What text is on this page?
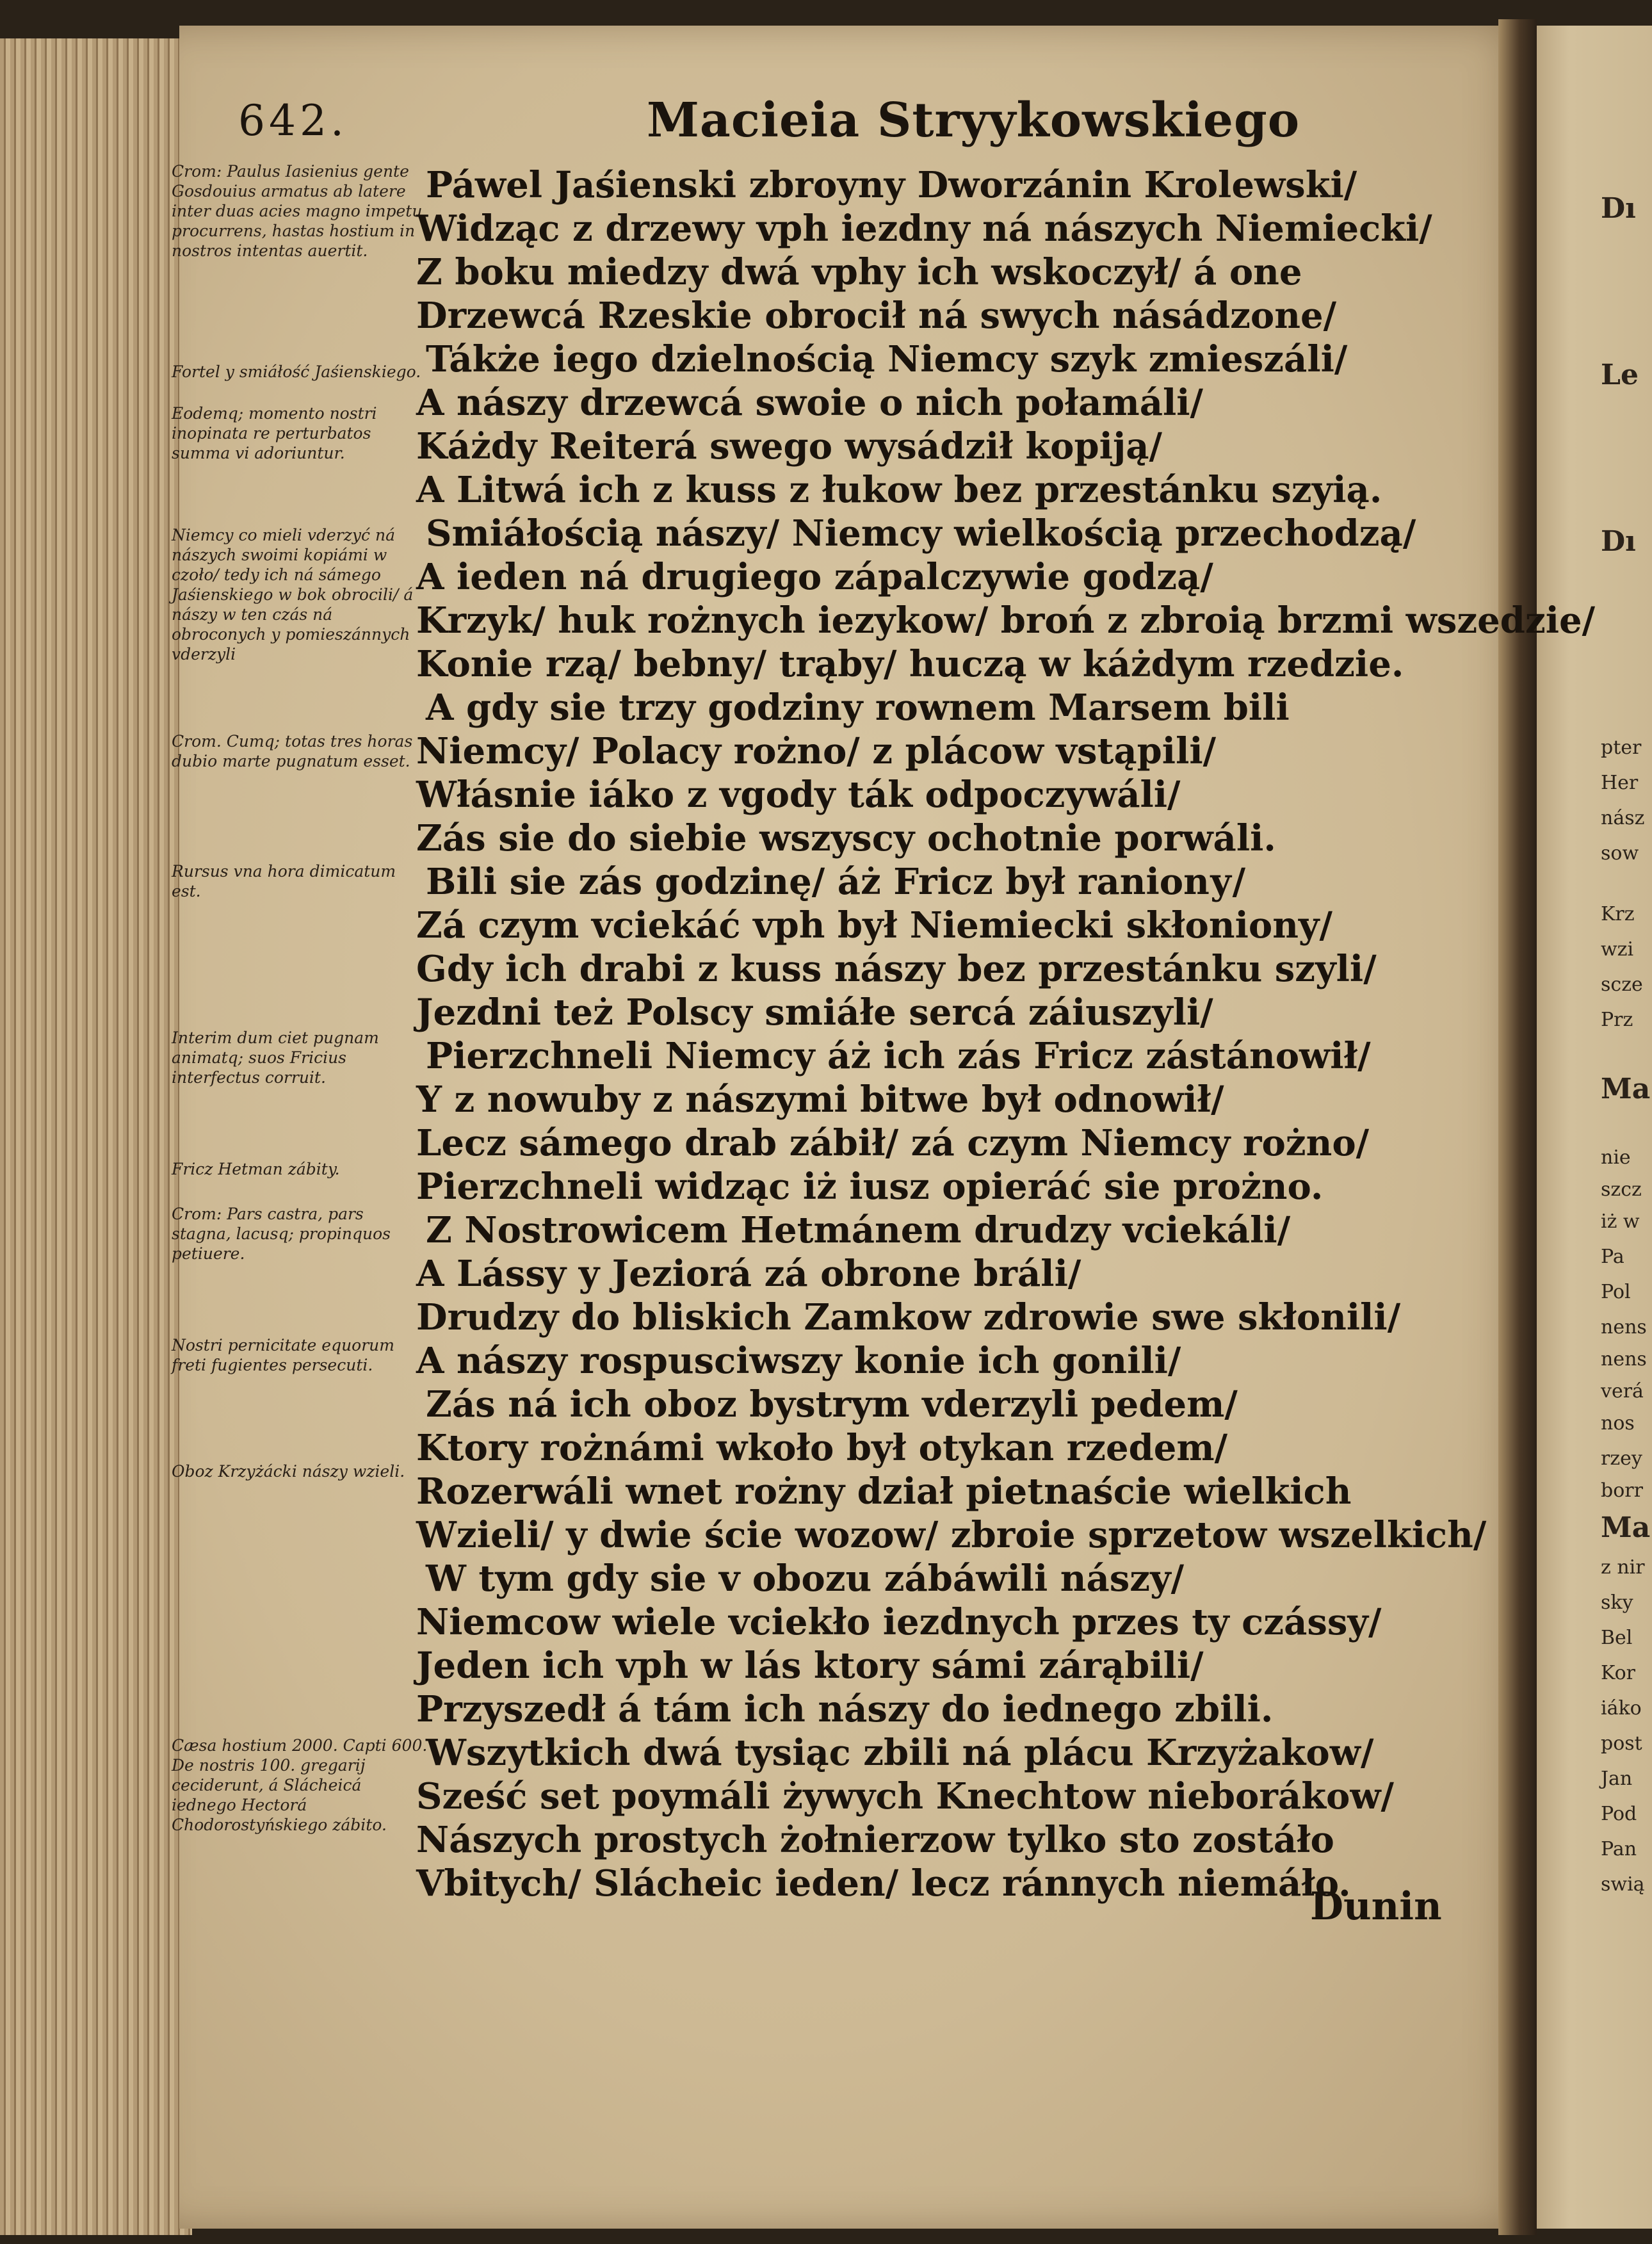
642.	Macieia Stryykowskiego
Crom: Paulus Iasienius gente Gosdouius armatus ab latere inter duas acies magno impetu procurrens, hastas hostium in nostros intentas auertit.
Fortel y smiáłość Jaśienskiego.
Eodemq; momento nostri inopinata re perturbatos summa vi adoriuntur.
Niemcy co mieli vderzyć ná nászych swoimi kopiámi w czoło/ tedy ich ná sámego Jaśienskiego w bok obrocili/ á nászy w ten czás ná obroconych y pomieszánnych vderzyli
Crom. Cumq; totas tres horas dubio marte pugnatum esset.
Rursus vna hora dimicatum est.
Interim dum ciet pugnam animatq; suos Fricius interfectus corruit.
Fricz Hetman zábity.
Crom: Pars castra, pars stagna, lacusq; propinquos petiuere.
Nostri pernicitate equorum freti fugientes persecuti.
Oboz Krzyżácki nászy wzieli.
Cæsa hostium 2000. Capti 600. De nostris 100. gregarij ceciderunt, á Slácheicá iednego Hectorá Chodorostyńskiego zábito.
Páwel Jaśienski zbroyny Dworzánin Krolewski/
Widząc z drzewy vph iezdny ná nászych Niemiecki/
Z boku miedzy dwá vphy ich wskoczył/ á one
Drzewcá Rzeskie obrocił ná swych násádzone/
Tákże iego dzielnością Niemcy szyk zmieszáli/
A nászy drzewcá swoie o nich połamáli/
Káżdy Reiterá swego wysádził kopiją/
A Litwá ich z kuss z łukow bez przestánku szyią.
Smiáłością nászy/ Niemcy wielkością przechodzą/
A ieden ná drugiego zápalczywie godzą/
Krzyk/ huk rożnych iezykow/ broń z zbroią brzmi wszedzie/
Konie rzą/ bebny/ trąby/ huczą w káżdym rzedzie.
A gdy sie trzy godziny rownem Marsem bili
Niemcy/ Polacy rożno/ z plácow vstąpili/
Włásnie iáko z vgody ták odpoczywáli/
Zás sie do siebie wszyscy ochotnie porwáli.
Bili sie zás godzinę/ áż Fricz był ranionу/
Zá czym vciekáć vph był Niemiecki skłoniony/
Gdy ich drabi z kuss nászy bez przestánku szyli/
Jezdni też Polscy smiáłe sercá záiuszyli/
Pierzchneli Niemcy áż ich zás Fricz zástánowił/
Y z nowuby z nászymi bitwe był odnowił/
Lecz sámego drab zábił/ zá czym Niemcy rożno/
Pierzchneli widząc iż iusz opieráć sie prożno.
Z Nostrowicem Hetmánem drudzy vciekáli/
A Lássy y Jeziorá zá obrone bráli/
Drudzy do bliskich Zamkow zdrowie swe skłonili/
A nászy rospusciwszy konie ich gonili/
Zás ná ich oboz bystrym vderzyli pedem/
Ktory rożnámi wkoło był otykan rzedem/
Rozerwáli wnet rożny dział pietnaście wielkich
Wzieli/ y dwie ście wozow/ zbroie sprzetow wszelkich/
W tym gdy sie v obozu zábáwili nászy/
Niemcow wiele vciekło iezdnych przes ty czássy/
Jeden ich vph w lás ktory sámi zárąbili/
Przyszedł á tám ich nászy do iednego zbili.
Wszytkich dwá tysiąc zbili ná plácu Krzyżakow/
Sześć set poymáli żywych Knechtow nieborákow/
Nászych prostych żołnierzow tylko sto zostáło
Vbitych/ Slácheic ieden/ lecz ránnych niemáło.
Dunin
Dı
Le
Dı
pter
Her
nász
sow
Krz
wzi
scze
Prz
Ma
nie
szcz
iż w
Pa
Pol
nens
nens
verá
nos
rzey
borr
Ma
z nir
sky
Bel
Kor
iáko
post
Jan
Pod
Pan
swią
